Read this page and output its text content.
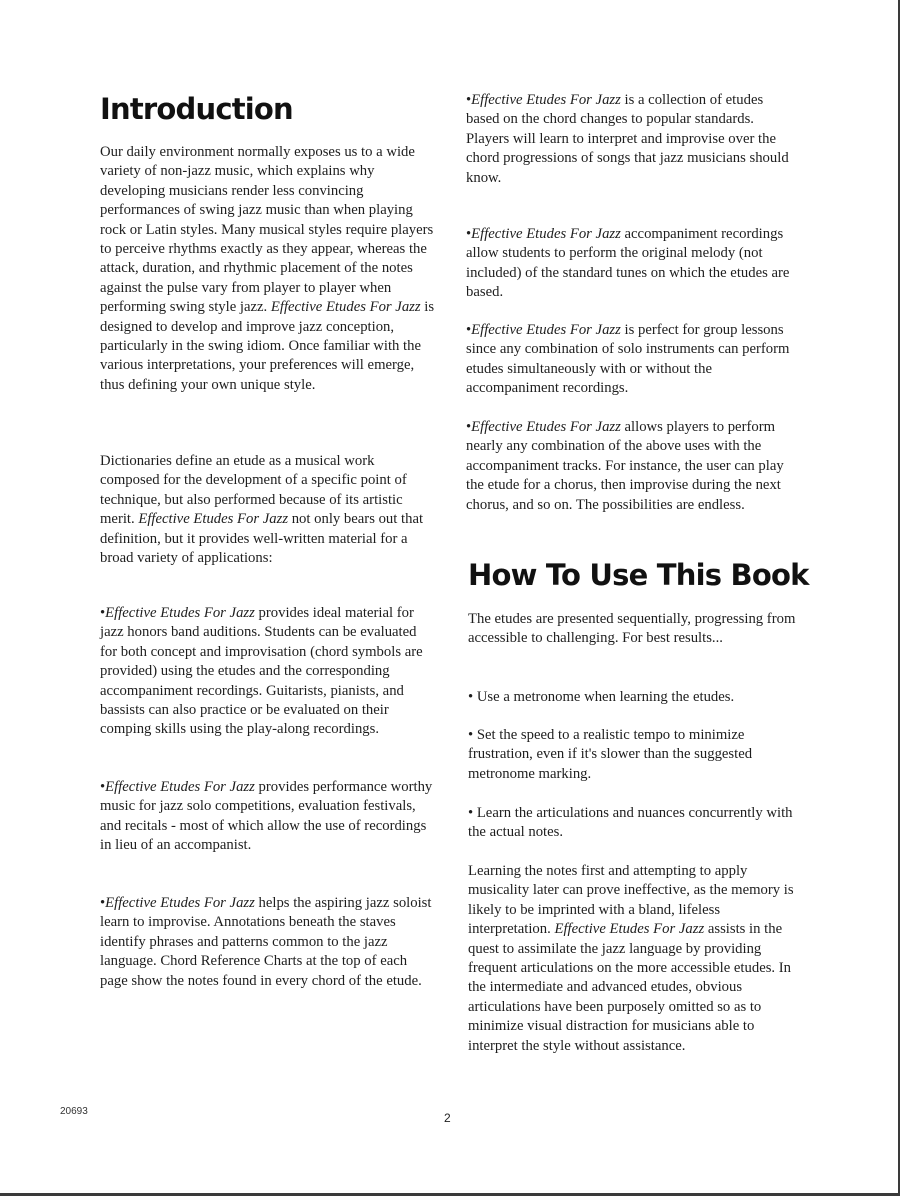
Introduction

Our daily environment normally exposes us to a wide variety of non-jazz music, which explains why developing musicians render less convincing performances of swing jazz music than when playing rock or Latin styles. Many musical styles require players to perceive rhythms exactly as they appear, whereas the attack, duration, and rhythmic placement of the notes against the pulse vary from player to player when performing swing style jazz. Effective Etudes For Jazz is designed to develop and improve jazz conception, particularly in the swing idiom. Once familiar with the various interpretations, your preferences will emerge, thus defining your own unique style.

Dictionaries define an etude as a musical work composed for the development of a specific point of technique, but also performed because of its artistic merit. Effective Etudes For Jazz not only bears out that definition, but it provides well-written material for a broad variety of applications:

•Effective Etudes For Jazz provides ideal material for jazz honors band auditions. Students can be evaluated for both concept and improvisation (chord symbols are provided) using the etudes and the corresponding accompaniment recordings. Guitarists, pianists, and bassists can also practice or be evaluated on their comping skills using the play-along recordings.

•Effective Etudes For Jazz provides performance worthy music for jazz solo competitions, evaluation festivals, and recitals - most of which allow the use of recordings in lieu of an accompanist.

•Effective Etudes For Jazz helps the aspiring jazz soloist learn to improvise. Annotations beneath the staves identify phrases and patterns common to the jazz language. Chord Reference Charts at the top of each page show the notes found in every chord of the etude.

•Effective Etudes For Jazz is a collection of etudes based on the chord changes to popular standards. Players will learn to interpret and improvise over the chord progressions of songs that jazz musicians should know.

•Effective Etudes For Jazz accompaniment recordings allow students to perform the original melody (not included) of the standard tunes on which the etudes are based.

•Effective Etudes For Jazz is perfect for group lessons since any combination of solo instruments can perform etudes simultaneously with or without the accompaniment recordings.

•Effective Etudes For Jazz allows players to perform nearly any combination of the above uses with the accompaniment tracks. For instance, the user can play the etude for a chorus, then improvise during the next chorus, and so on. The possibilities are endless.

How To Use This Book

The etudes are presented sequentially, progressing from accessible to challenging. For best results...

• Use a metronome when learning the etudes.

• Set the speed to a realistic tempo to minimize frustration, even if it's slower than the suggested metronome marking.

• Learn the articulations and nuances concurrently with the actual notes.

Learning the notes first and attempting to apply musicality later can prove ineffective, as the memory is likely to be imprinted with a bland, lifeless interpretation. Effective Etudes For Jazz assists in the quest to assimilate the jazz language by providing frequent articulations on the more accessible etudes. In the intermediate and advanced etudes, obvious articulations have been purposely omitted so as to minimize visual distraction for musicians able to interpret the style without assistance.

20693	2
